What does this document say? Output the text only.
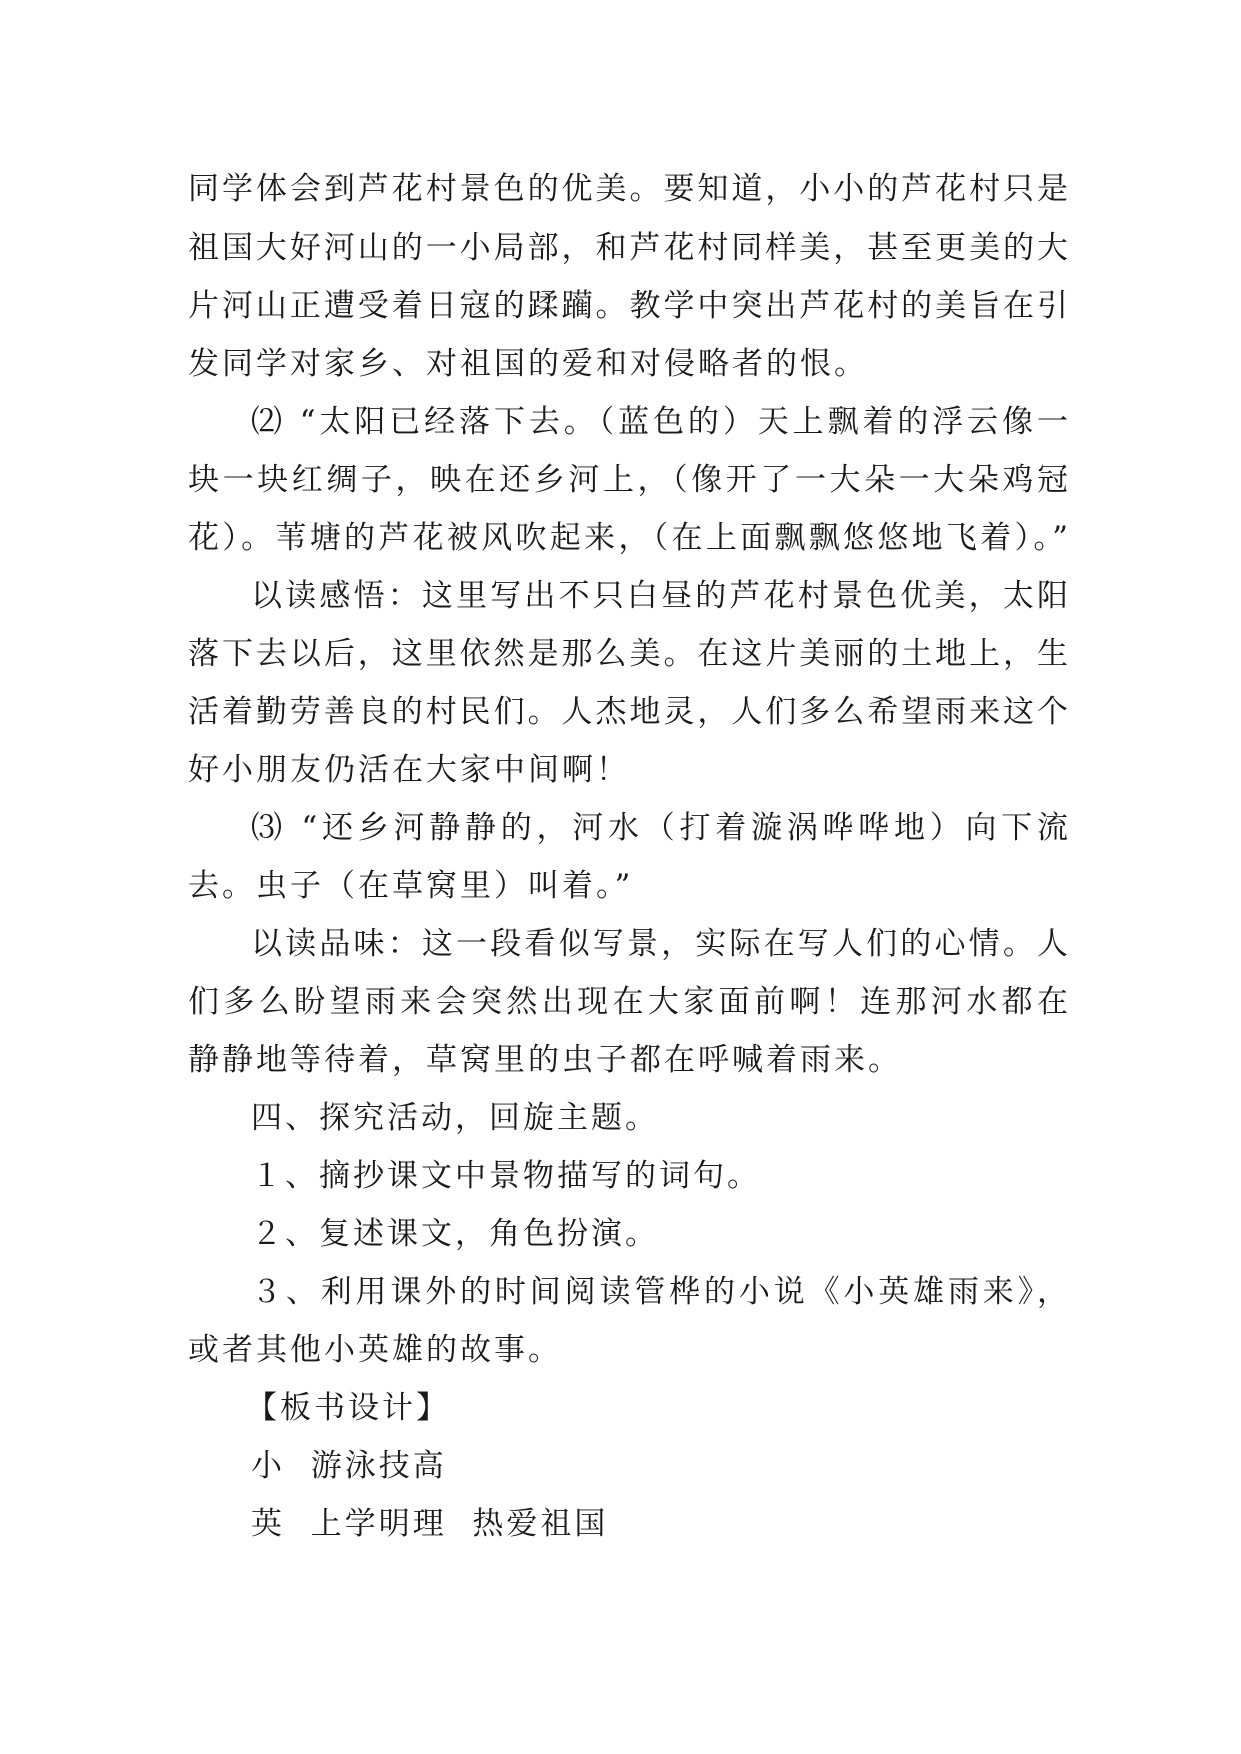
同学体会到芦花村景色的优美。要知道，小小的芦花村只是
祖国大好河山的一小局部，和芦花村同样美，甚至更美的大
片河山正遭受着日寇的蹂躏。教学中突出芦花村的美旨在引
发同学对家乡、对祖国的爱和对侵略者的恨。
⑵ “太阳已经落下去。（蓝色的）天上飘着的浮云像一
块一块红绸子，映在还乡河上，（像开了一大朵一大朵鸡冠
花）。苇塘的芦花被风吹起来，（在上面飘飘悠悠地飞着）。”
以读感悟：这里写出不只白昼的芦花村景色优美，太阳
落下去以后，这里依然是那么美。在这片美丽的土地上，生
活着勤劳善良的村民们。人杰地灵，人们多么希望雨来这个
好小朋友仍活在大家中间啊！
⑶ “还乡河静静的，河水（打着漩涡哗哗地）向下流
去。虫子（在草窝里）叫着。”
以读品味：这一段看似写景，实际在写人们的心情。人
们多么盼望雨来会突然出现在大家面前啊！连那河水都在
静静地等待着，草窝里的虫子都在呼喊着雨来。
四、探究活动，回旋主题。
１、摘抄课文中景物描写的词句。
２、复述课文，角色扮演。
３、利用课外的时间阅读管桦的小说《小英雄雨来》，
或者其他小英雄的故事。
【板书设计】
小  游泳技高
英  上学明理  热爱祖国
